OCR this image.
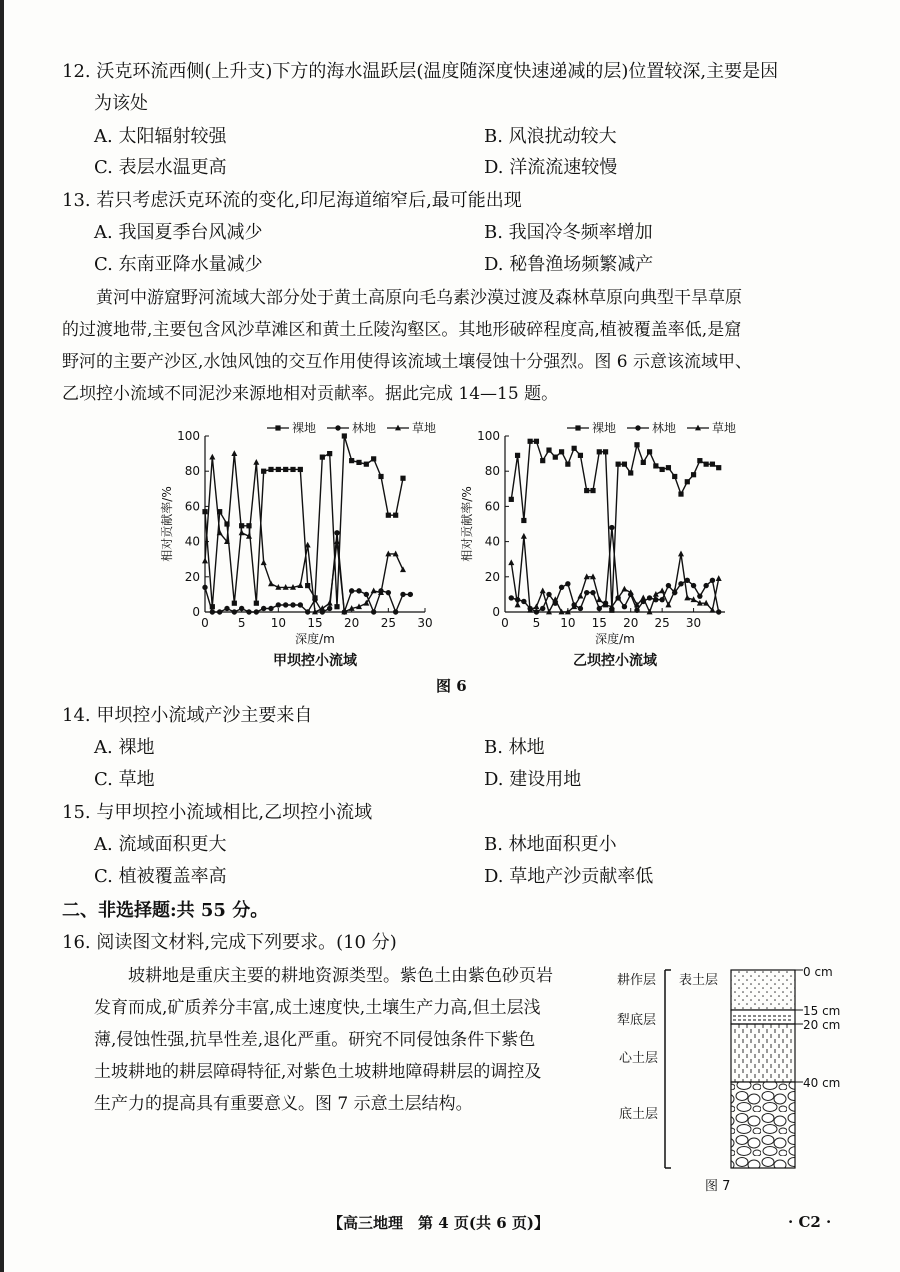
12. 沃克环流西侧(上升支)下方的海水温跃层(温度随深度快速递减的层)位置较深,主要是因
为该处
A. 太阳辐射较强	B. 风浪扰动较大
C. 表层水温更高	D. 洋流流速较慢
13. 若只考虑沃克环流的变化,印尼海道缩窄后,最可能出现
A. 我国夏季台风减少	B. 我国冷冬频率增加
C. 东南亚降水量减少	D. 秘鲁渔场频繁减产
黄河中游窟野河流域大部分处于黄土高原向毛乌素沙漠过渡及森林草原向典型干旱草原
的过渡地带,主要包含风沙草滩区和黄土丘陵沟壑区。其地形破碎程度高,植被覆盖率低,是窟
野河的主要产沙区,水蚀风蚀的交互作用使得该流域土壤侵蚀十分强烈。图 6 示意该流域甲、
乙坝控小流域不同泥沙来源地相对贡献率。据此完成 14—15 题。
0
20
40
60
80
100
0 5 10 15 20 25 30
相对贡献率/%
深度/m
甲坝控小流域
裸地	林地	草地
0
20
40
60
80
100
0 5 10 15 20 25 30
相对贡献率/%
深度/m
乙坝控小流域
裸地	林地	草地
图 6
14. 甲坝控小流域产沙主要来自
A. 裸地	B. 林地
C. 草地	D. 建设用地
15. 与甲坝控小流域相比,乙坝控小流域
A. 流域面积更大	B. 林地面积更小
C. 植被覆盖率高	D. 草地产沙贡献率低
二、非选择题:共 55 分。
16. 阅读图文材料,完成下列要求。(10 分)
坡耕地是重庆主要的耕地资源类型。紫色土由紫色砂页岩
发育而成,矿质养分丰富,成土速度快,土壤生产力高,但土层浅
薄,侵蚀性强,抗旱性差,退化严重。研究不同侵蚀条件下紫色
土坡耕地的耕层障碍特征,对紫色土坡耕地障碍耕层的调控及
生产力的提高具有重要意义。图 7 示意土层结构。
耕作层
犁底层
心土层
底土层
表土层
0 cm
15 cm
20 cm
40 cm
图 7
【高三地理　第 4 页(共 6 页)】	· C2 ·
